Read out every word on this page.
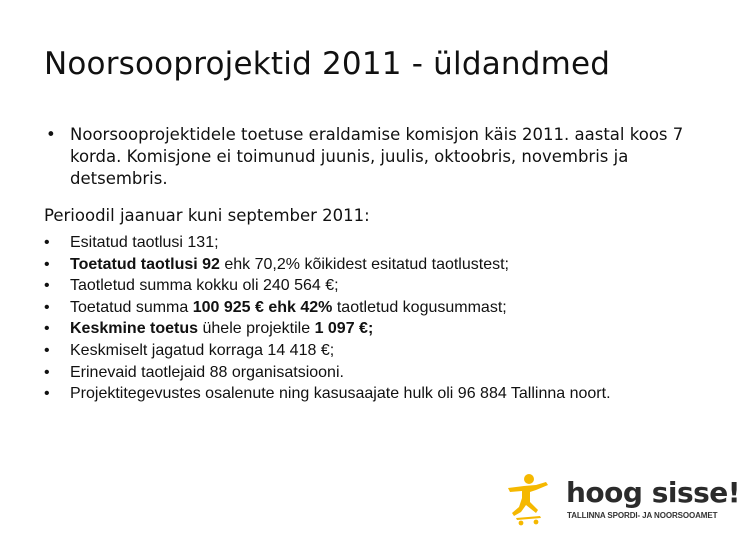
Noorsooprojektid 2011 - üldandmed
• Noorsooprojektidele toetuse eraldamise komisjon käis 2011. aastal koos 7 korda. Komisjone ei toimunud juunis, juulis, oktoobris, novembris ja detsembris.
Perioodil jaanuar kuni september 2011:
•	Esitatud taotlusi 131;
•	Toetatud taotlusi 92 ehk 70,2% kõikidest esitatud taotlustest;
•	Taotletud summa kokku oli 240 564 €;
•	Toetatud summa 100 925 € ehk 42% taotletud kogusummast;
•	Keskmine toetus ühele projektile 1 097 €;
•	Keskmiselt jagatud korraga 14 418 €;
•	Erinevaid taotlejaid 88 organisatsiooni.
•	Projektitegevustes osalenute ning kasusaajate hulk oli 96 884 Tallinna noort.
hoog sisse!
TALLINNA SPORDI- JA NOORSOOAMET
